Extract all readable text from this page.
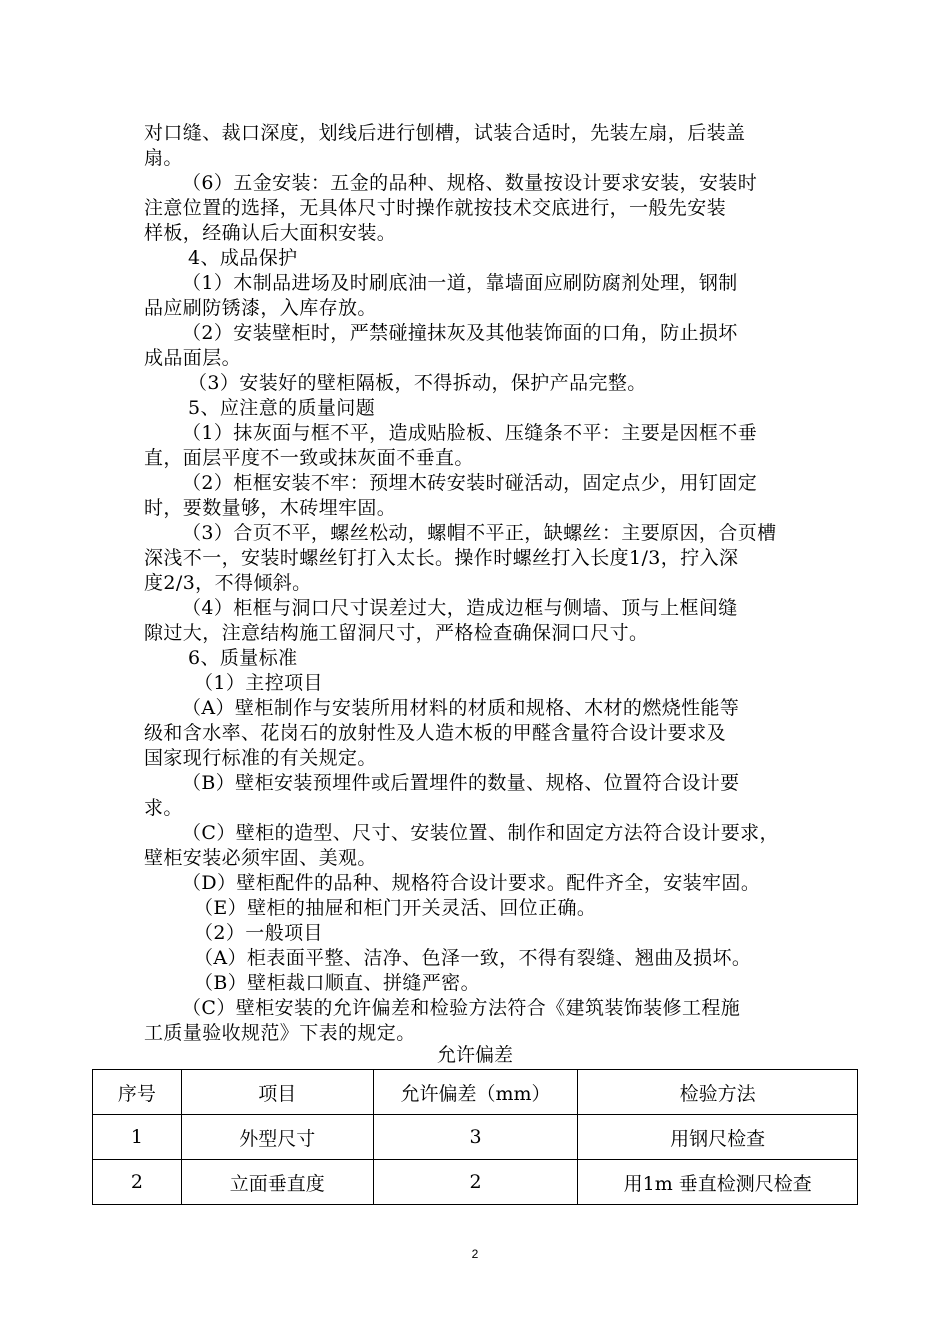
对口缝、裁口深度，划线后进行刨槽，试装合适时，先装左扇，后装盖
扇。
（6）五金安装：五金的品种、规格、数量按设计要求安装，安装时
注意位置的选择，无具体尺寸时操作就按技术交底进行，一般先安装
样板，经确认后大面积安装。
4、成品保护
（1）木制品进场及时刷底油一道，靠墙面应刷防腐剂处理，钢制
品应刷防锈漆，入库存放。
（2）安装壁柜时，严禁碰撞抹灰及其他装饰面的口角，防止损坏
成品面层。
（3）安装好的壁柜隔板，不得拆动，保护产品完整。
5、应注意的质量问题
（1）抹灰面与框不平，造成贴脸板、压缝条不平：主要是因框不垂
直，面层平度不一致或抹灰面不垂直。
（2）柜框安装不牢：预埋木砖安装时碰活动，固定点少，用钉固定
时，要数量够，木砖埋牢固。
（3）合页不平，螺丝松动，螺帽不平正，缺螺丝：主要原因，合页槽
深浅不一，安装时螺丝钉打入太长。操作时螺丝打入长度1/3，拧入深
度2/3，不得倾斜。
（4）柜框与洞口尺寸误差过大，造成边框与侧墙、顶与上框间缝
隙过大，注意结构施工留洞尺寸，严格检查确保洞口尺寸。
6、质量标准
（1）主控项目
（A）壁柜制作与安装所用材料的材质和规格、木材的燃烧性能等
级和含水率、花岗石的放射性及人造木板的甲醛含量符合设计要求及
国家现行标准的有关规定。
（B）壁柜安装预埋件或后置埋件的数量、规格、位置符合设计要
求。
（C）壁柜的造型、尺寸、安装位置、制作和固定方法符合设计要求，
壁柜安装必须牢固、美观。
（D）壁柜配件的品种、规格符合设计要求。配件齐全，安装牢固。
（E）壁柜的抽屉和柜门开关灵活、回位正确。
（2）一般项目
（A）柜表面平整、洁净、色泽一致，不得有裂缝、翘曲及损坏。
（B）壁柜裁口顺直、拼缝严密。
（C）壁柜安装的允许偏差和检验方法符合《建筑装饰装修工程施
工质量验收规范》下表的规定。
允许偏差
序号	项目	允许偏差（mm）	检验方法
1	外型尺寸	3	用钢尺检查
2	立面垂直度	2	用1m 垂直检测尺检查
2
